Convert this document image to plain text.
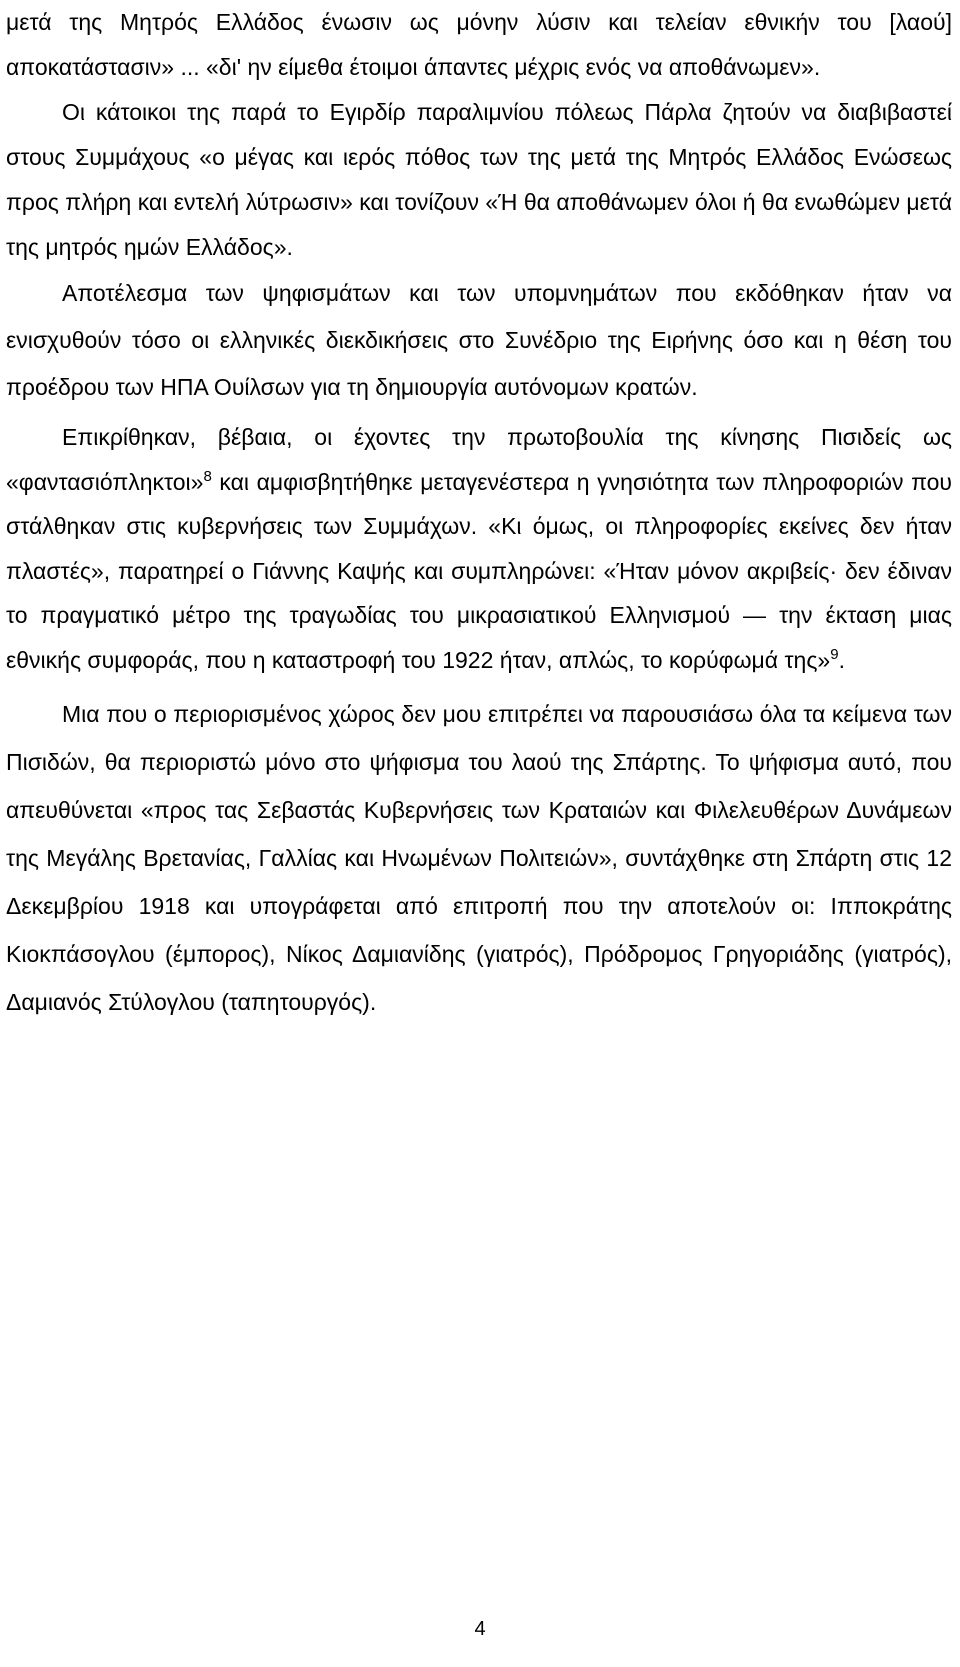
μετά της Μητρός Ελλάδος ένωσιν ως μόνην λύσιν και τελείαν εθνικήν του [λαού] αποκατάστασιν» ... «δι' ην είμεθα έτοιμοι άπαντες μέχρις ενός να αποθάνωμεν».

Οι κάτοικοι της παρά το Εγιρδίρ παραλιμνίου πόλεως Πάρλα ζητούν να διαβιβαστεί στους Συμμάχους «ο μέγας και ιερός πόθος των της μετά της Μητρός Ελλάδος Ενώσεως προς πλήρη και εντελή λύτρωσιν» και τονίζουν «Ή θα αποθάνωμεν όλοι ή θα ενωθώμεν μετά της μητρός ημών Ελλάδος».

Αποτέλεσμα των ψηφισμάτων και των υπομνημάτων που εκδόθηκαν ήταν να ενισχυθούν τόσο οι ελληνικές διεκδικήσεις στο Συνέδριο της Ειρήνης όσο και η θέση του προέδρου των ΗΠΑ Ουίλσων για τη δημιουργία αυτόνομων κρατών.

Επικρίθηκαν, βέβαια, οι έχοντες την πρωτοβουλία της κίνησης Πισιδείς ως «φαντασιόπληκτοι»$^8$ και αμφισβητήθηκε μεταγενέστερα η γνησιότητα των πληροφοριών που στάλθηκαν στις κυβερνήσεις των Συμμάχων. «Κι όμως, οι πληροφορίες εκείνες δεν ήταν πλαστές», παρατηρεί ο Γιάννης Καψής και συμπληρώνει: «Ήταν μόνον ακριβείς· δεν έδιναν το πραγματικό μέτρο της τραγωδίας του μικρασιατικού Ελληνισμού — την έκταση μιας εθνικής συμφοράς, που η καταστροφή του 1922 ήταν, απλώς, το κορύφωμά της»$^9$.

Μια που ο περιορισμένος χώρος δεν μου επιτρέπει να παρουσιάσω όλα τα κείμενα των Πισιδών, θα περιοριστώ μόνο στο ψήφισμα του λαού της Σπάρτης. Το ψήφισμα αυτό, που απευθύνεται «προς τας Σεβαστάς Κυβερνήσεις των Κραταιών και Φιλελευθέρων Δυνάμεων της Μεγάλης Βρετανίας, Γαλλίας και Ηνωμένων Πολιτειών», συντάχθηκε στη Σπάρτη στις 12 Δεκεμβρίου 1918 και υπογράφεται από επιτροπή που την αποτελούν οι: Ιπποκράτης Κιοκπάσογλου (έμπορος), Νίκος Δαμιανίδης (γιατρός), Πρόδρομος Γρηγοριάδης (γιατρός), Δαμιανός Στύλογλου (ταπητουργός).

4
